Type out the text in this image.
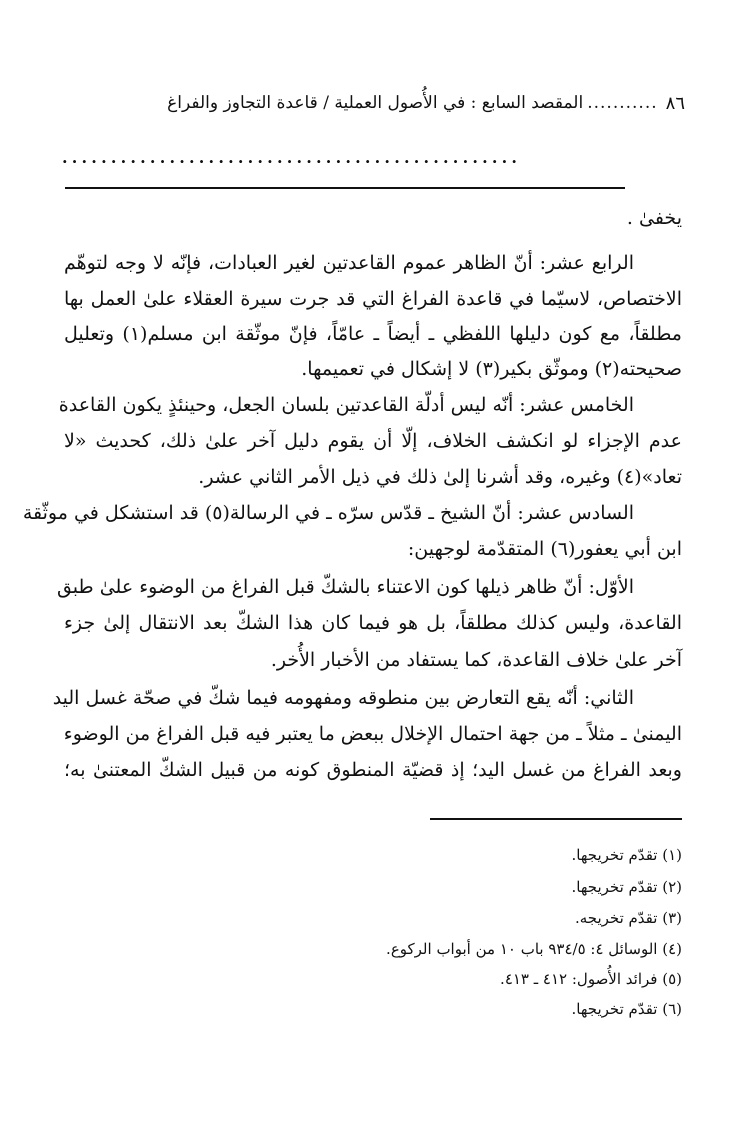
٨٦
...........
المقصد السابع : في الأُصول العملية / قاعدة التجاوز والفراغ
...............................................
يخفىٰ .
الرابع عشر: أنّ الظاهر عموم القاعدتين لغير العبادات، فإنّه لا وجه لتوهّم
الاختصاص، لاسيّما في قاعدة الفراغ التي قد جرت سيرة العقلاء علىٰ العمل بها
مطلقاً، مع كون دليلها اللفظي ـ أيضاً ـ عامّاً، فإنّ موثّقة ابن مسلم(١) وتعليل
صحيحته(٢) وموثّق بكير(٣) لا إشكال في تعميمها.
الخامس عشر: أنّه ليس أدلّة القاعدتين بلسان الجعل، وحينئذٍ يكون القاعدة
عدم الإجزاء لو انكشف الخلاف، إلّا أن يقوم دليل آخر علىٰ ذلك، كحديث «لا
تعاد»(٤) وغيره، وقد أشرنا إلىٰ ذلك في ذيل الأمر الثاني عشر.
السادس عشر: أنّ الشيخ ـ قدّس سرّه ـ في الرسالة(٥) قد استشكل في موثّقة
ابن أبي يعفور(٦) المتقدّمة لوجهين:
الأوّل: أنّ ظاهر ذيلها كون الاعتناء بالشكّ قبل الفراغ من الوضوء علىٰ طبق
القاعدة، وليس كذلك مطلقاً، بل هو فيما كان هذا الشكّ بعد الانتقال إلىٰ جزء
آخر علىٰ خلاف القاعدة، كما يستفاد من الأخبار الأُخر.
الثاني: أنّه يقع التعارض بين منطوقه ومفهومه فيما شكّ في صحّة غسل اليد
اليمنىٰ ـ مثلاً ـ من جهة احتمال الإخلال ببعض ما يعتبر فيه قبل الفراغ من الوضوء
وبعد الفراغ من غسل اليد؛ إذ قضيّة المنطوق كونه من قبيل الشكّ المعتنىٰ به؛
(١) تقدّم تخريجها.
(٢) تقدّم تخريجها.
(٣) تقدّم تخريجه.
(٤) الوسائل ٤: ٩٣٤/٥ باب ١٠ من أبواب الركوع.
(٥) فرائد الأُصول: ٤١٢ ـ ٤١٣.
(٦) تقدّم تخريجها.
